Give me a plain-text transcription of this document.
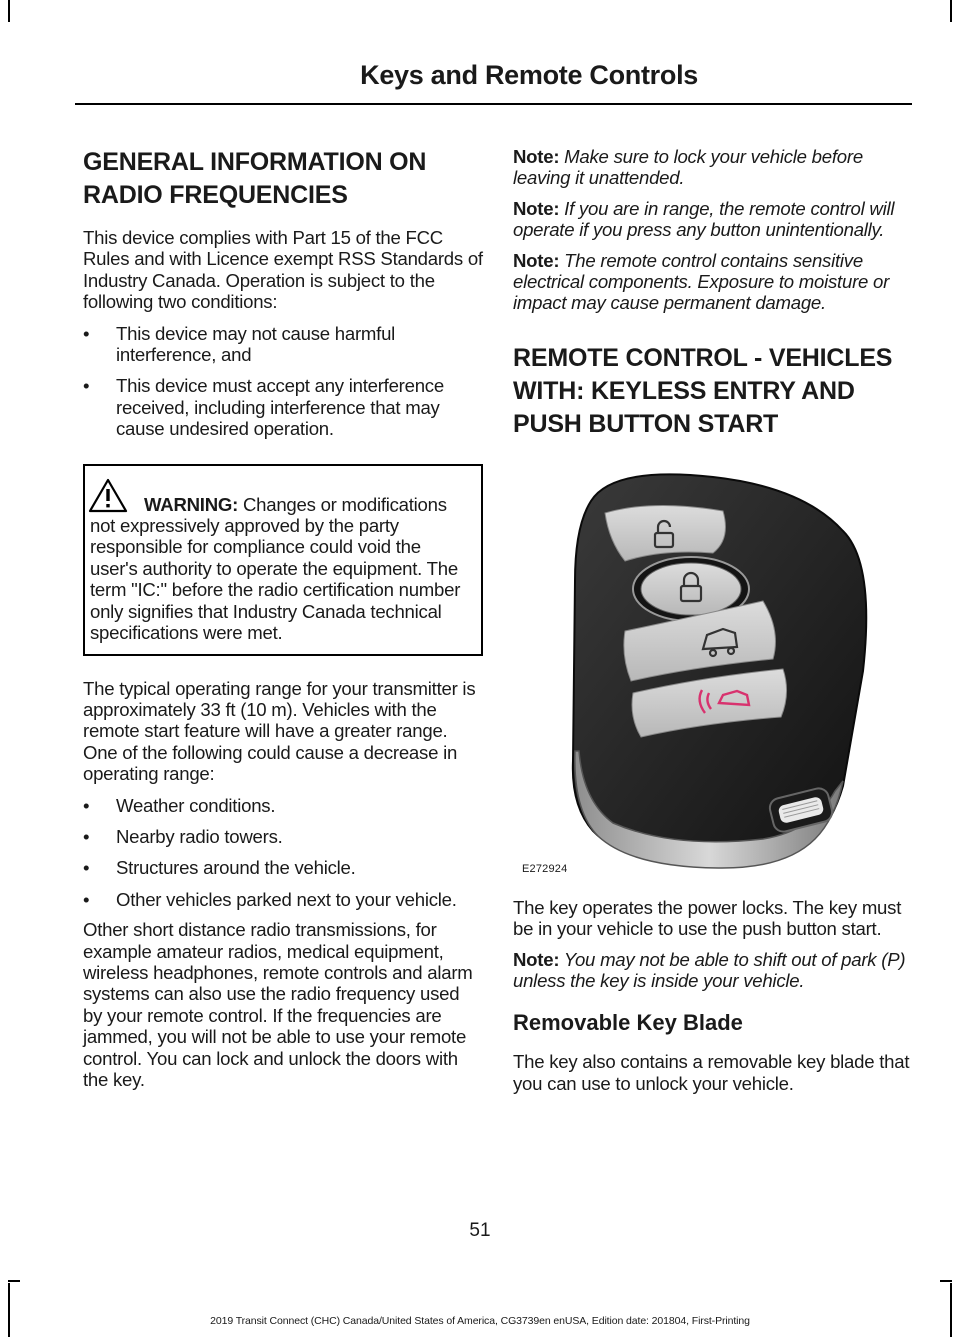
Keys and Remote Controls
GENERAL INFORMATION ON
RADIO FREQUENCIES

This device complies with Part 15 of the FCC Rules and with Licence exempt RSS Standards of Industry Canada. Operation is subject to the following two conditions:

• This device may not cause harmful interference, and
• This device must accept any interference received, including interference that may cause undesired operation.

WARNING: Changes or modifications not expressively approved by the party responsible for compliance could void the user's authority to operate the equipment. The term "IC:" before the radio certification number only signifies that Industry Canada technical specifications were met.

The typical operating range for your transmitter is approximately 33 ft (10 m). Vehicles with the remote start feature will have a greater range. One of the following could cause a decrease in operating range:

• Weather conditions.
• Nearby radio towers.
• Structures around the vehicle.
• Other vehicles parked next to your vehicle.

Other short distance radio transmissions, for example amateur radios, medical equipment, wireless headphones, remote controls and alarm systems can also use the radio frequency used by your remote control. If the frequencies are jammed, you will not be able to use your remote control. You can lock and unlock the doors with the key.

Note: Make sure to lock your vehicle before leaving it unattended.

Note: If you are in range, the remote control will operate if you press any button unintentionally.

Note: The remote control contains sensitive electrical components. Exposure to moisture or impact may cause permanent damage.

REMOTE CONTROL - VEHICLES
WITH: KEYLESS ENTRY AND
PUSH BUTTON START
E272924

The key operates the power locks. The key must be in your vehicle to use the push button start.

Note: You may not be able to shift out of park (P) unless the key is inside your vehicle.

Removable Key Blade

The key also contains a removable key blade that you can use to unlock your vehicle.

51
2019 Transit Connect (CHC) Canada/United States of America, CG3739en enUSA, Edition date: 201804, First-Printing
